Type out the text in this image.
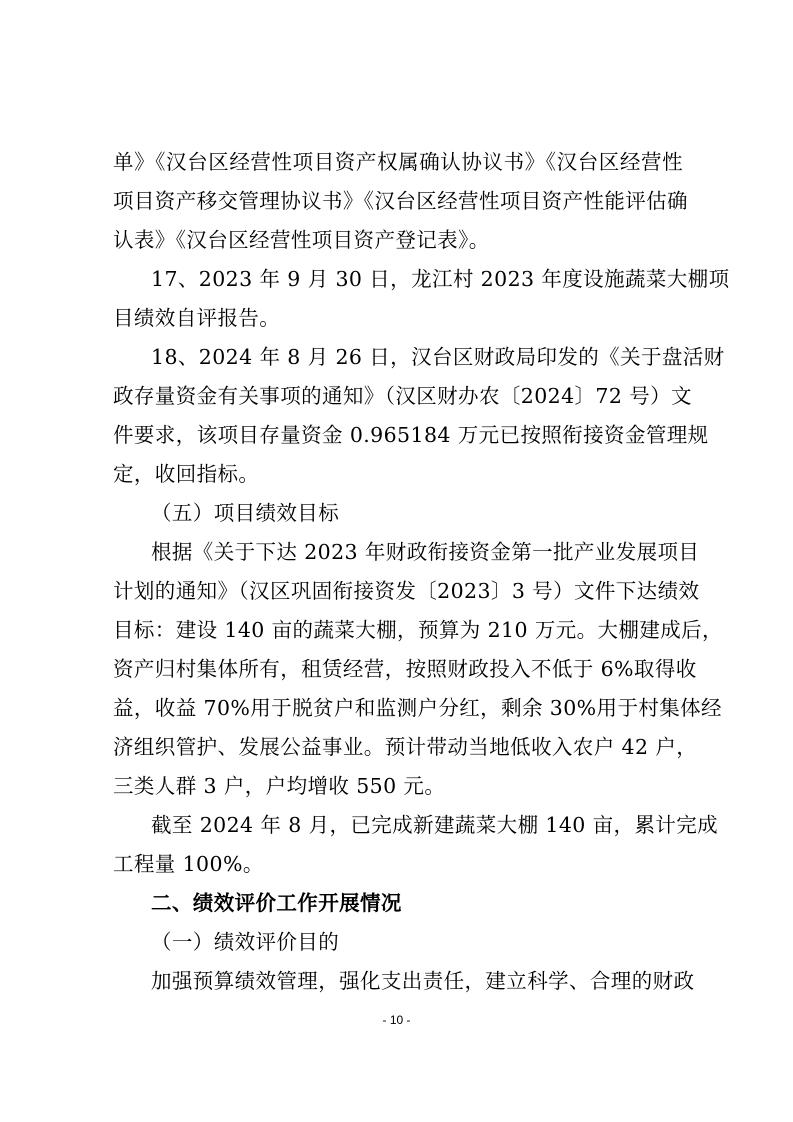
单》《汉台区经营性项目资产权属确认协议书》《汉台区经营性
项目资产移交管理协议书》《汉台区经营性项目资产性能评估确
认表》《汉台区经营性项目资产登记表》。
17、2023 年 9 月 30 日，龙江村 2023 年度设施蔬菜大棚项
目绩效自评报告。
18、2024 年 8 月 26 日，汉台区财政局印发的《关于盘活财
政存量资金有关事项的通知》（汉区财办农〔2024〕72 号）文
件要求，该项目存量资金 0.965184 万元已按照衔接资金管理规
定，收回指标。
（五）项目绩效目标
根据《关于下达 2023 年财政衔接资金第一批产业发展项目
计划的通知》（汉区巩固衔接资发〔2023〕3 号）文件下达绩效
目标：建设 140 亩的蔬菜大棚，预算为 210 万元。大棚建成后，
资产归村集体所有，租赁经营，按照财政投入不低于 6%取得收
益，收益 70%用于脱贫户和监测户分红，剩余 30%用于村集体经
济组织管护、发展公益事业。预计带动当地低收入农户 42 户，
三类人群 3 户，户均增收 550 元。
截至 2024 年 8 月，已完成新建蔬菜大棚 140 亩，累计完成
工程量 100%。
二、绩效评价工作开展情况
（一）绩效评价目的
加强预算绩效管理，强化支出责任，建立科学、合理的财政
- 10 -
